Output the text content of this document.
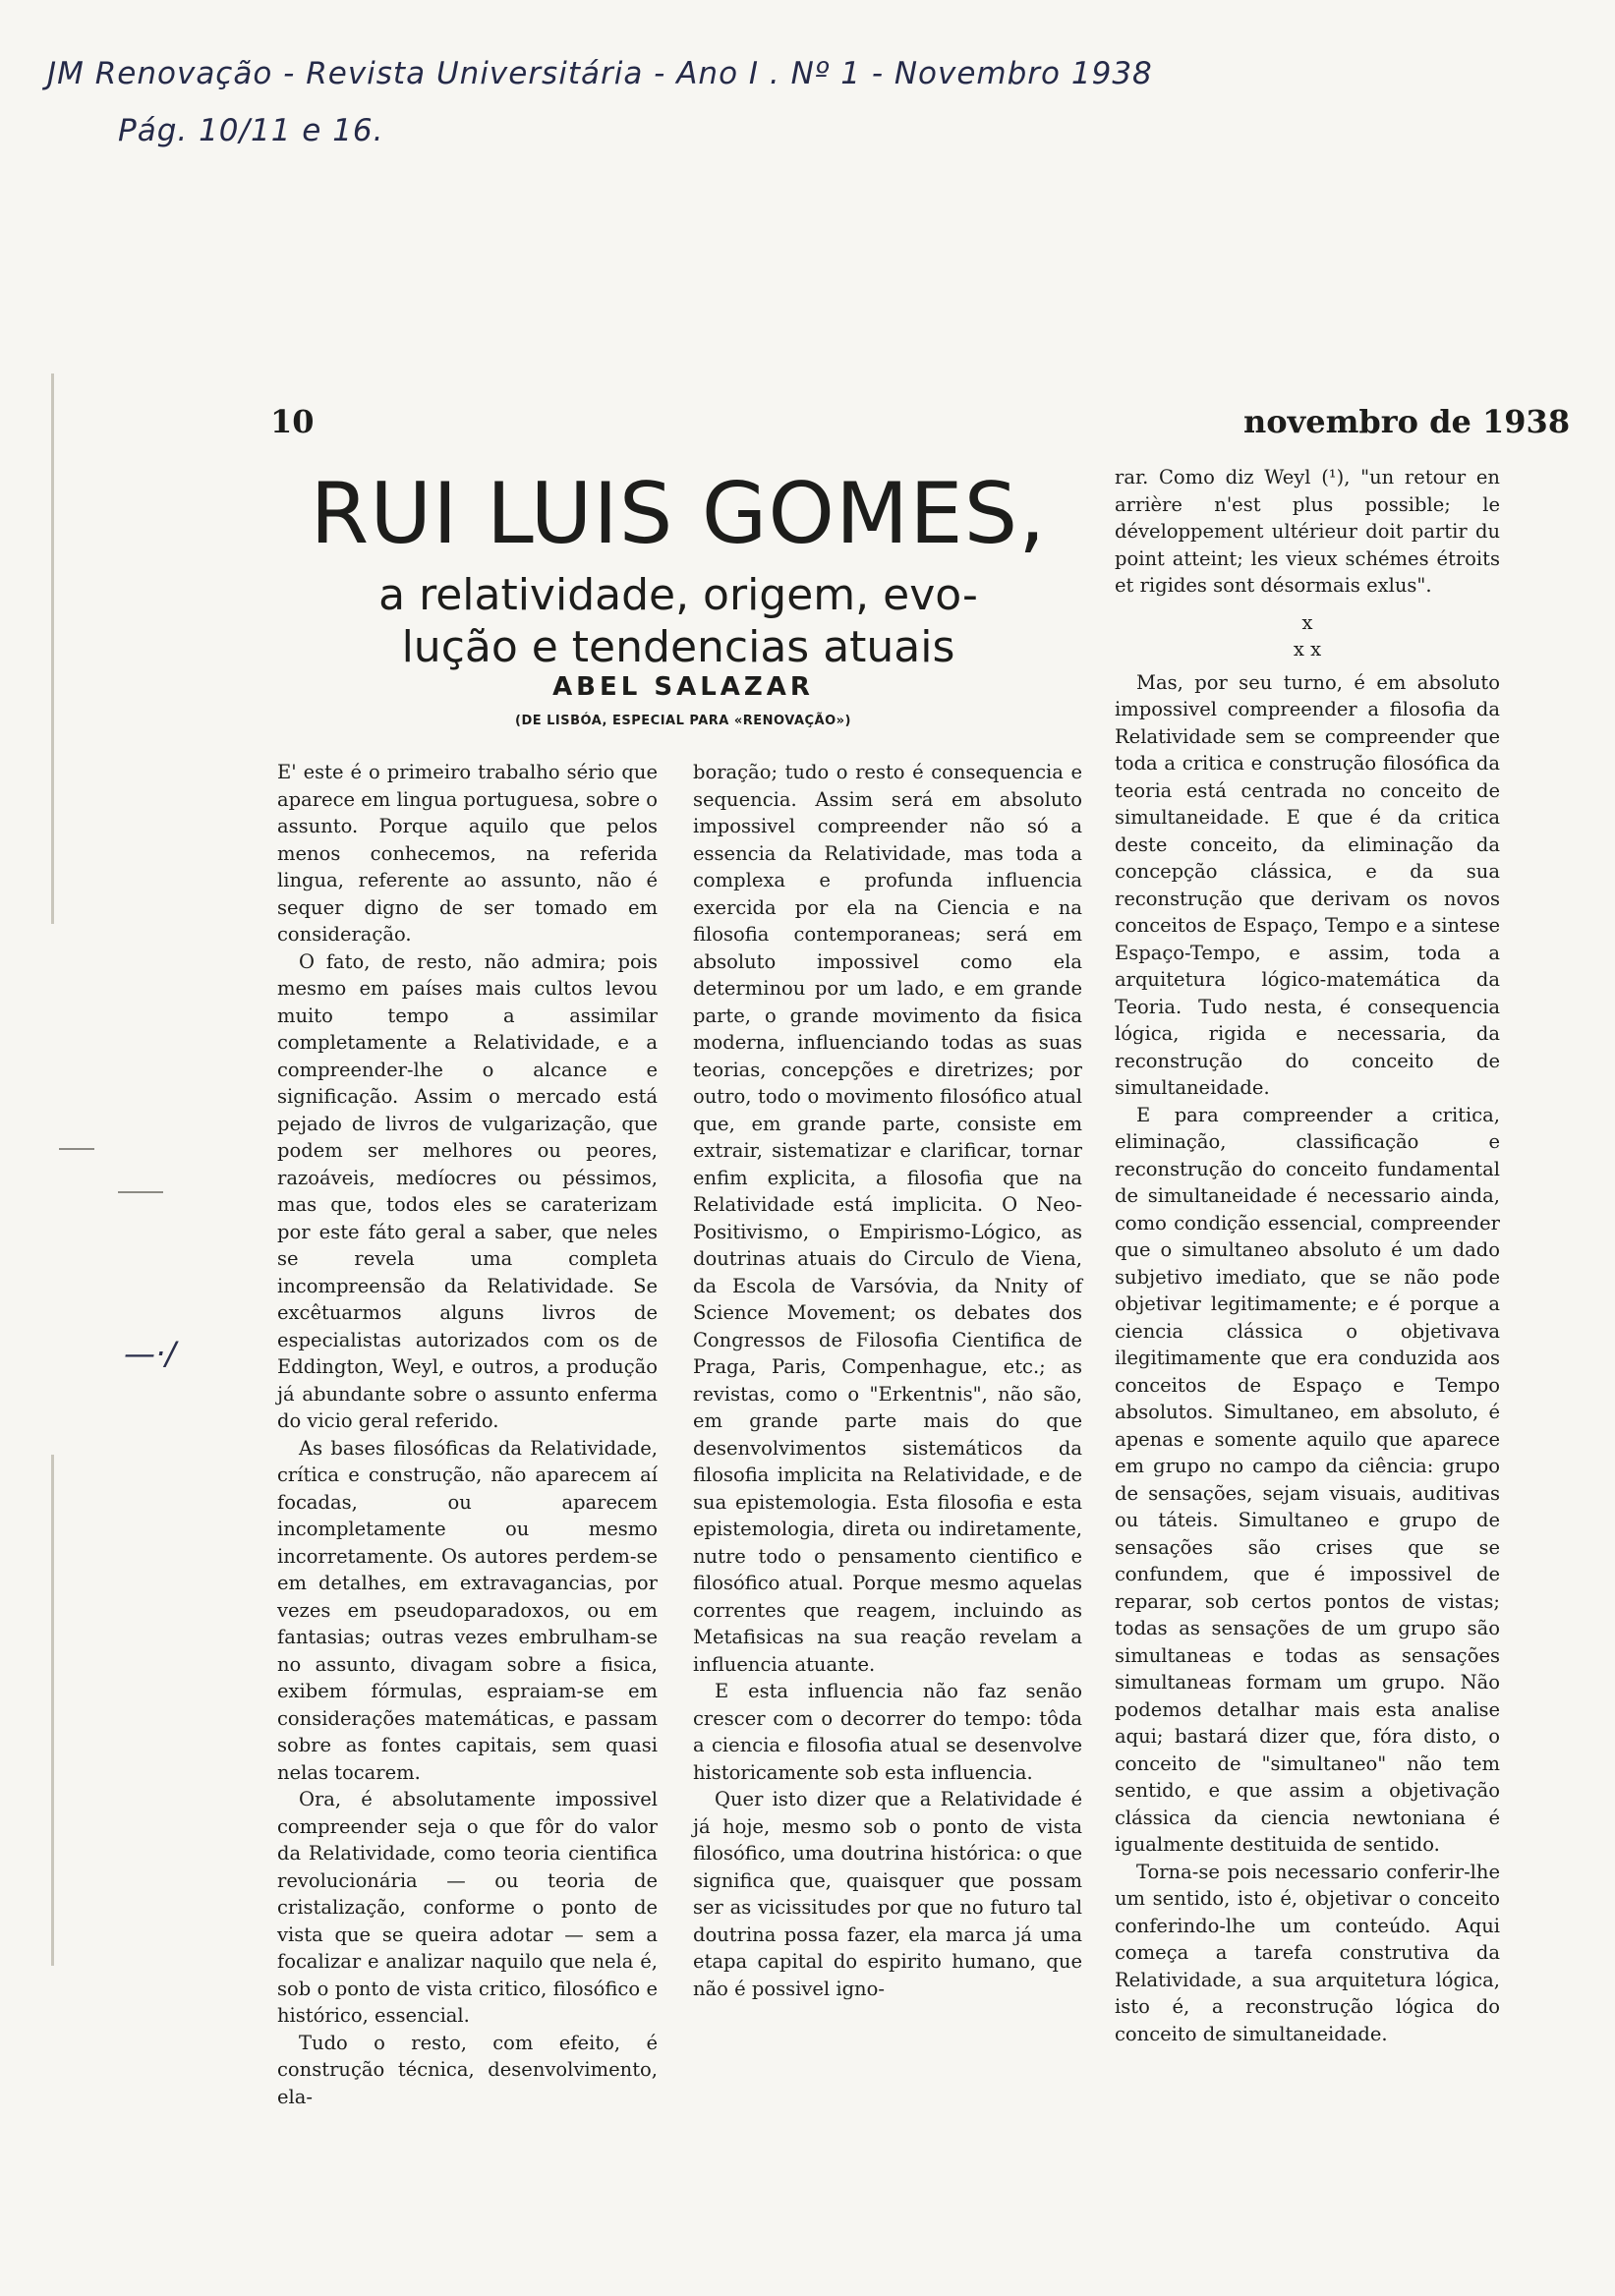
JM Renovação - Revista Universitária - Ano I . Nº 1 - Novembro 1938
Pág. 10/11 e 16.
—·/
10	novembro de 1938
RUI LUIS GOMES,
a relatividade, origem, evo-
lução e tendencias atuais
ABEL SALAZAR
(DE LISBÓA, ESPECIAL PARA «RENOVAÇÃO»)

E' este é o primeiro trabalho sério que aparece em lingua portuguesa, sobre o assunto. Porque aquilo que pelos menos conhecemos, na referida lingua, referente ao assunto, não é sequer digno de ser tomado em consideração.

O fato, de resto, não admira; pois mesmo em países mais cultos levou muito tempo a assimilar completamente a Relatividade, e a compreender-lhe o alcance e significação. Assim o mercado está pejado de livros de vulgarização, que podem ser melhores ou peores, razoáveis, medíocres ou péssimos, mas que, todos eles se caraterizam por este fáto geral a saber, que neles se revela uma completa incompreensão da Relatividade. Se excêtuarmos alguns livros de especialistas autorizados com os de Eddington, Weyl, e outros, a produção já abundante sobre o assunto enferma do vicio geral referido.

As bases filosóficas da Relatividade, crítica e construção, não aparecem aí focadas, ou aparecem incompletamente ou mesmo incorretamente. Os autores perdem-se em detalhes, em extravagancias, por vezes em pseudoparadoxos, ou em fantasias; outras vezes embrulham-se no assunto, divagam sobre a fisica, exibem fórmulas, espraiam-se em considerações matemáticas, e passam sobre as fontes capitais, sem quasi nelas tocarem.

Ora, é absolutamente impossivel compreender seja o que fôr do valor da Relatividade, como teoria cientifica revolucionária — ou teoria de cristalização, conforme o ponto de vista que se queira adotar — sem a focalizar e analizar naquilo que nela é, sob o ponto de vista critico, filosófico e histórico, essencial.

Tudo o resto, com efeito, é construção técnica, desenvolvimento, ela-

boração; tudo o resto é consequencia e sequencia. Assim será em absoluto impossivel compreender não só a essencia da Relatividade, mas toda a complexa e profunda influencia exercida por ela na Ciencia e na filosofia contemporaneas; será em absoluto impossivel como ela determinou por um lado, e em grande parte, o grande movimento da fisica moderna, influenciando todas as suas teorias, concepções e diretrizes; por outro, todo o movimento filosófico atual que, em grande parte, consiste em extrair, sistematizar e clarificar, tornar enfim explicita, a filosofia que na Relatividade está implicita. O Neo-Positivismo, o Empirismo-Lógico, as doutrinas atuais do Circulo de Viena, da Escola de Varsóvia, da Nnity of Science Movement; os debates dos Congressos de Filosofia Cientifica de Praga, Paris, Compenhague, etc.; as revistas, como o "Erkentnis", não são, em grande parte mais do que desenvolvimentos sistemáticos da filosofia implicita na Relatividade, e de sua epistemologia. Esta filosofia e esta epistemologia, direta ou indiretamente, nutre todo o pensamento cientifico e filosófico atual. Porque mesmo aquelas correntes que reagem, incluindo as Metafisicas na sua reação revelam a influencia atuante.

E esta influencia não faz senão crescer com o decorrer do tempo: tôda a ciencia e filosofia atual se desenvolve historicamente sob esta influencia.

Quer isto dizer que a Relatividade é já hoje, mesmo sob o ponto de vista filosófico, uma doutrina histórica: o que significa que, quaisquer que possam ser as vicissitudes por que no futuro tal doutrina possa fazer, ela marca já uma etapa capital do espirito humano, que não é possivel igno-

rar. Como diz Weyl (¹), "un retour en arrière n'est plus possible; le développement ultérieur doit partir du point atteint; les vieux schémes étroits et rigides sont désormais exlus".

x

x x

Mas, por seu turno, é em absoluto impossivel compreender a filosofia da Relatividade sem se compreender que toda a critica e construção filosófica da teoria está centrada no conceito de simultaneidade. E que é da critica deste conceito, da eliminação da concepção clássica, e da sua reconstrução que derivam os novos conceitos de Espaço, Tempo e a sintese Espaço-Tempo, e assim, toda a arquitetura lógico-matemática da Teoria. Tudo nesta, é consequencia lógica, rigida e necessaria, da reconstrução do conceito de simultaneidade.

E para compreender a critica, eliminação, classificação e reconstrução do conceito fundamental de simultaneidade é necessario ainda, como condição essencial, compreender que o simultaneo absoluto é um dado subjetivo imediato, que se não pode objetivar legitimamente; e é porque a ciencia clássica o objetivava ilegitimamente que era conduzida aos conceitos de Espaço e Tempo absolutos. Simultaneo, em absoluto, é apenas e somente aquilo que aparece em grupo no campo da ciência: grupo de sensações, sejam visuais, auditivas ou táteis. Simultaneo e grupo de sensações são crises que se confundem, que é impossivel de reparar, sob certos pontos de vistas; todas as sensações de um grupo são simultaneas e todas as sensações simultaneas formam um grupo. Não podemos detalhar mais esta analise aqui; bastará dizer que, fóra disto, o conceito de "simultaneo" não tem sentido, e que assim a objetivação clássica da ciencia newtoniana é igualmente destituida de sentido.

Torna-se pois necessario conferir-lhe um sentido, isto é, objetivar o conceito conferindo-lhe um conteúdo. Aqui começa a tarefa construtiva da Relatividade, a sua arquitetura lógica, isto é, a reconstrução lógica do conceito de simultaneidade.
